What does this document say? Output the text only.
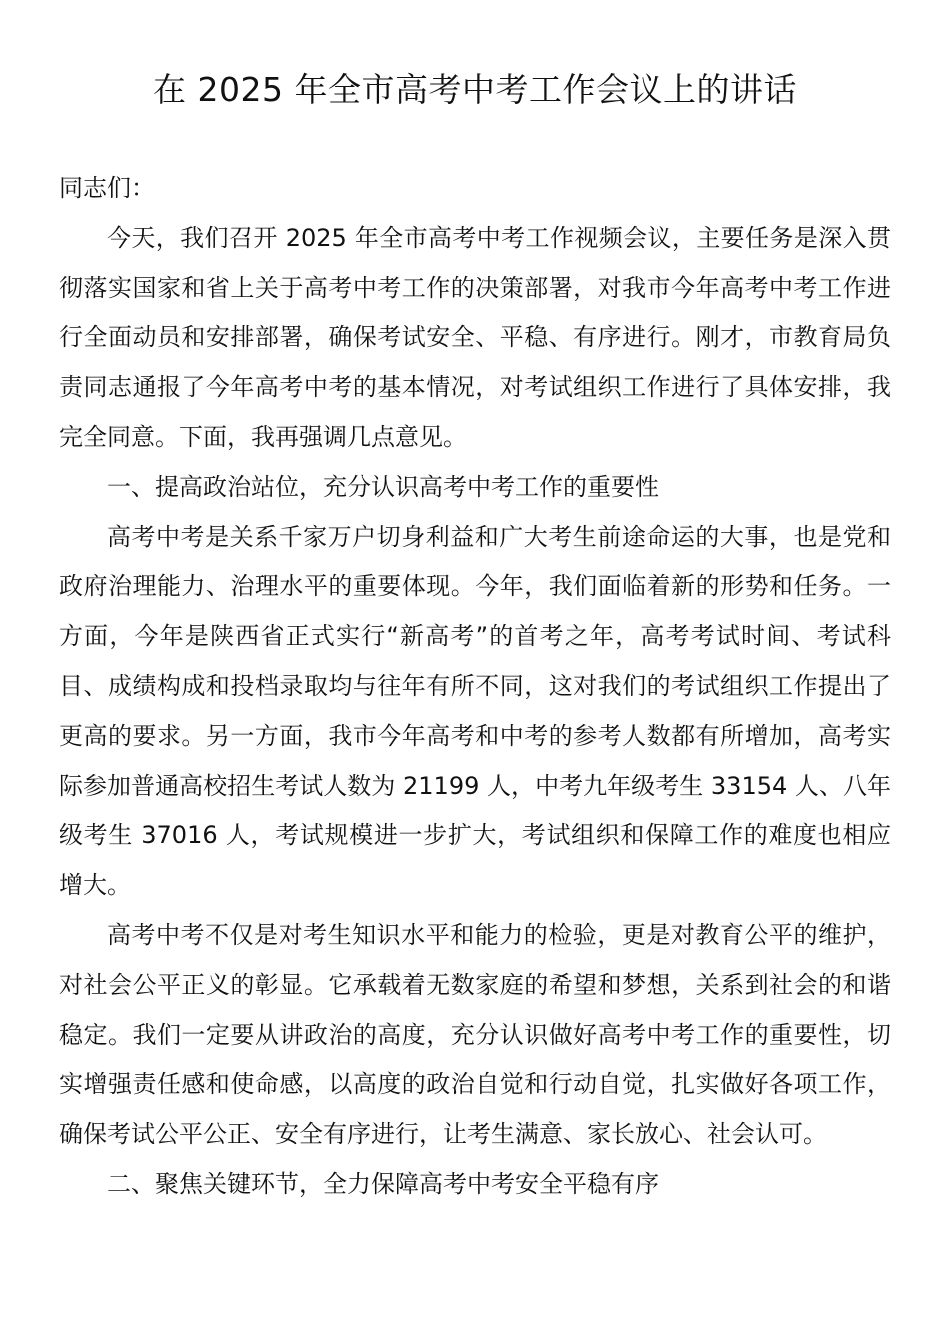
在 2025 年全市高考中考工作会议上的讲话

同志们：

今天，我们召开 2025 年全市高考中考工作视频会议，主要任务是深入贯彻落实国家和省上关于高考中考工作的决策部署，对我市今年高考中考工作进行全面动员和安排部署，确保考试安全、平稳、有序进行。刚才，市教育局负责同志通报了今年高考中考的基本情况，对考试组织工作进行了具体安排，我完全同意。下面，我再强调几点意见。

一、提高政治站位，充分认识高考中考工作的重要性

高考中考是关系千家万户切身利益和广大考生前途命运的大事，也是党和政府治理能力、治理水平的重要体现。今年，我们面临着新的形势和任务。一方面，今年是陕西省正式实行“新高考”的首考之年，高考考试时间、考试科目、成绩构成和投档录取均与往年有所不同，这对我们的考试组织工作提出了更高的要求。另一方面，我市今年高考和中考的参考人数都有所增加，高考实际参加普通高校招生考试人数为 21199 人，中考九年级考生 33154 人、八年级考生 37016 人，考试规模进一步扩大，考试组织和保障工作的难度也相应增大。

高考中考不仅是对考生知识水平和能力的检验，更是对教育公平的维护，对社会公平正义的彰显。它承载着无数家庭的希望和梦想，关系到社会的和谐稳定。我们一定要从讲政治的高度，充分认识做好高考中考工作的重要性，切实增强责任感和使命感，以高度的政治自觉和行动自觉，扎实做好各项工作，确保考试公平公正、安全有序进行，让考生满意、家长放心、社会认可。

二、聚焦关键环节，全力保障高考中考安全平稳有序
